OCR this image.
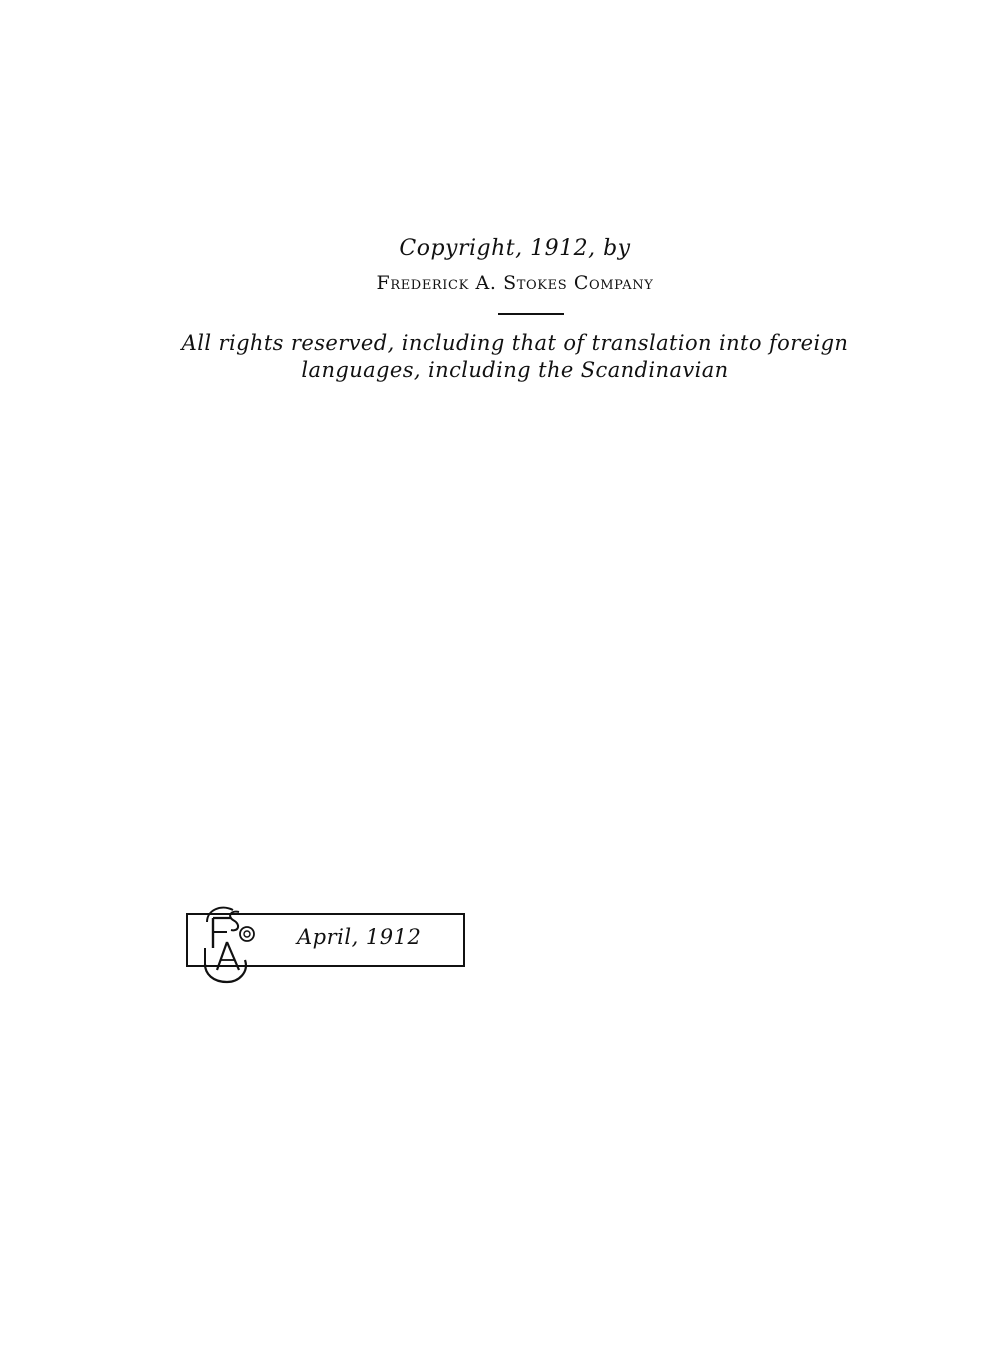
Copyright, 1912, by
Frederick A. Stokes Company
All rights reserved, including that of translation into foreign
languages, including the Scandinavian
April, 1912
